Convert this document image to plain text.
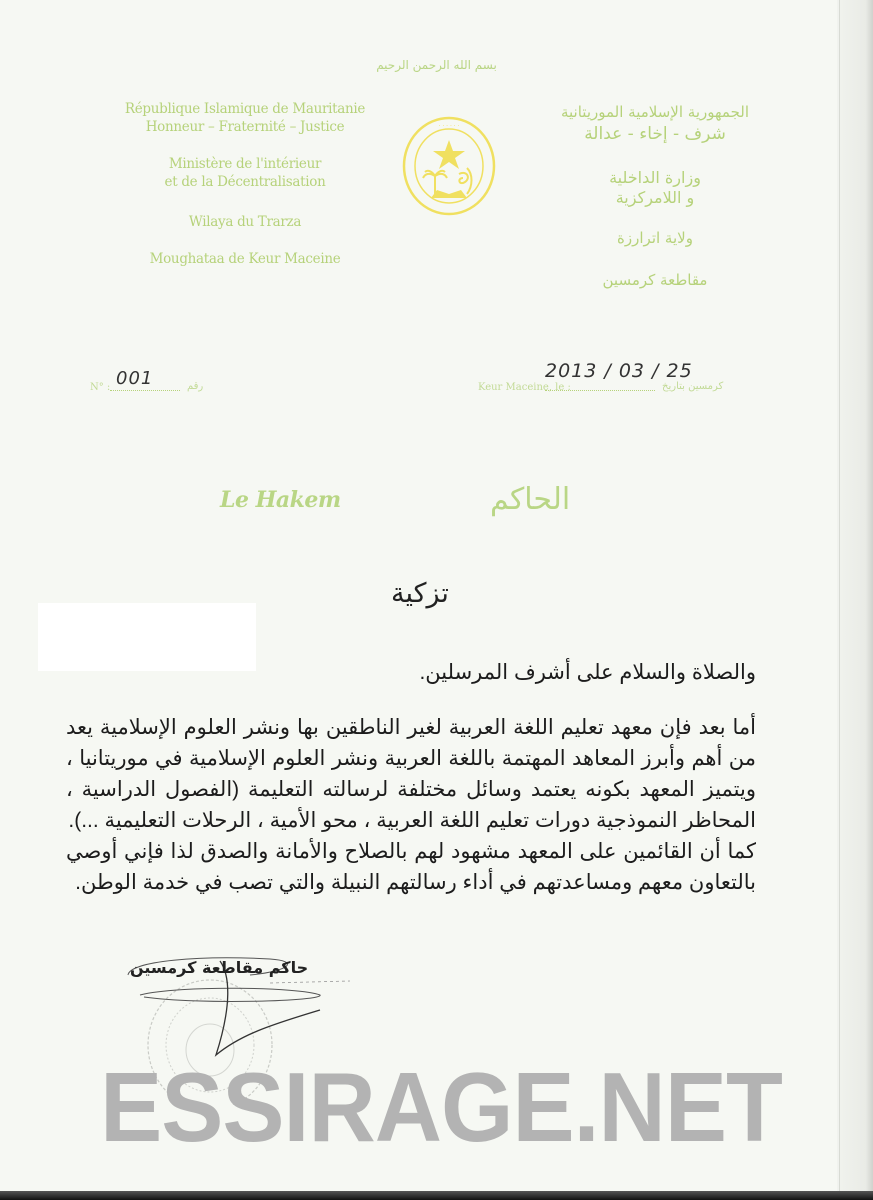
بسم الله الرحمن الرحيم
République Islamique de Mauritanie
Honneur – Fraternité – Justice
Ministère de l'intérieur
et de la Décentralisation
Wilaya du Trarza
Moughataa de Keur Maceine
· · · · · ·
الجمهورية الإسلامية الموريتانية
شرف - إخاء - عدالة
وزارة الداخلية
و اللامركزية
ولاية اترارزة
مقاطعة كرمسين
N° : 001	رقم	Keur Maceine, le :
2013 / 03 / 25
كرمسين بتاريخ
Le Hakem	الحاكم
تزكية

والصلاة والسلام على أشرف المرسلين.

أما بعد فإن معهد تعليم اللغة العربية لغير الناطقين بها ونشر العلوم الإسلامية يعد من أهم وأبرز المعاهد المهتمة باللغة العربية ونشر العلوم الإسلامية في موريتانيا ، ويتميز المعهد بكونه يعتمد وسائل مختلفة لرسالته التعليمة (الفصول الدراسية ، المحاظر النموذجية دورات تعليم اللغة العربية ، محو الأمية ، الرحلات التعليمية ...).

كما أن القائمين على المعهد مشهود لهم بالصلاح والأمانة والصدق لذا فإني أوصي بالتعاون معهم ومساعدتهم في أداء رسالتهم النبيلة والتي تصب في خدمة الوطن.

حاكم مقاطعة كرمسين
ESSIRAGE.NET
